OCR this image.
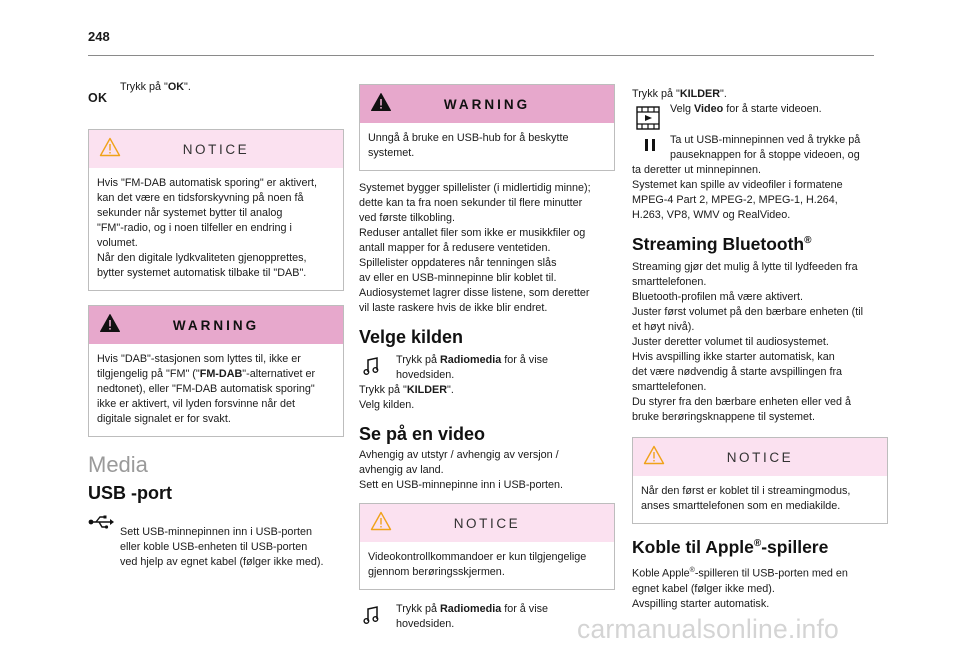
248
OK
Trykk på "OK".
NOTICE
Hvis "FM-DAB automatisk sporing" er aktivert,
kan det være en tidsforskyvning på noen få
sekunder når systemet bytter til analog
"FM"-radio, og i noen tilfeller en endring i
volumet.
Når den digitale lydkvaliteten gjenopprettes,
bytter systemet automatisk tilbake til "DAB".
WARNING
Hvis "DAB"-stasjonen som lyttes til, ikke er
tilgjengelig på "FM" ("FM-DAB"-alternativet er
nedtonet), eller "FM-DAB automatisk sporing"
ikke er aktivert, vil lyden forsvinne når det
digitale signalet er for svakt.
Media
USB -port

Sett USB-minnepinnen inn i USB-porten
eller koble USB-enheten til USB-porten
ved hjelp av egnet kabel (følger ikke med).

WARNING
Unngå å bruke en USB-hub for å beskytte
systemet.
Systemet bygger spillelister (i midlertidig minne);
dette kan ta fra noen sekunder til flere minutter
ved første tilkobling.
Reduser antallet filer som ikke er musikkfiler og
antall mapper for å redusere ventetiden.
Spillelister oppdateres når tenningen slås
av eller en USB-minnepinne blir koblet til.
Audiosystemet lagrer disse listene, som deretter
vil laste raskere hvis de ikke blir endret.
Velge kilden
Trykk på Radiomedia for å vise
hovedsiden.
Trykk på "KILDER".
Velg kilden.
Se på en video
Avhengig av utstyr / avhengig av versjon /
avhengig av land.
Sett en USB-minnepinne inn i USB-porten.
NOTICE
Videokontrollkommandoer er kun tilgjengelige
gjennom berøringsskjermen.
Trykk på Radiomedia for å vise
hovedsiden.
Trykk på "KILDER".
Velg Video for å starte videoen.
Ta ut USB-minnepinnen ved å trykke på
pauseknappen for å stoppe videoen, og
ta deretter ut minnepinnen.
Systemet kan spille av videofiler i formatene
MPEG-4 Part 2, MPEG-2, MPEG-1, H.264,
H.263, VP8, WMV og RealVideo.
Streaming Bluetooth®
Streaming gjør det mulig å lytte til lydfeeden fra
smarttelefonen.
Bluetooth-profilen må være aktivert.
Juster først volumet på den bærbare enheten (til
et høyt nivå).
Juster deretter volumet til audiosystemet.
Hvis avspilling ikke starter automatisk, kan
det være nødvendig å starte avspillingen fra
smarttelefonen.
Du styrer fra den bærbare enheten eller ved å
bruke berøringsknappene til systemet.
NOTICE
Når den først er koblet til i streamingmodus,
anses smarttelefonen som en mediakilde.
Koble til Apple®-spillere
Koble Apple®-spilleren til USB-porten med en
egnet kabel (følger ikke med).
Avspilling starter automatisk.
carmanualsonline.info
